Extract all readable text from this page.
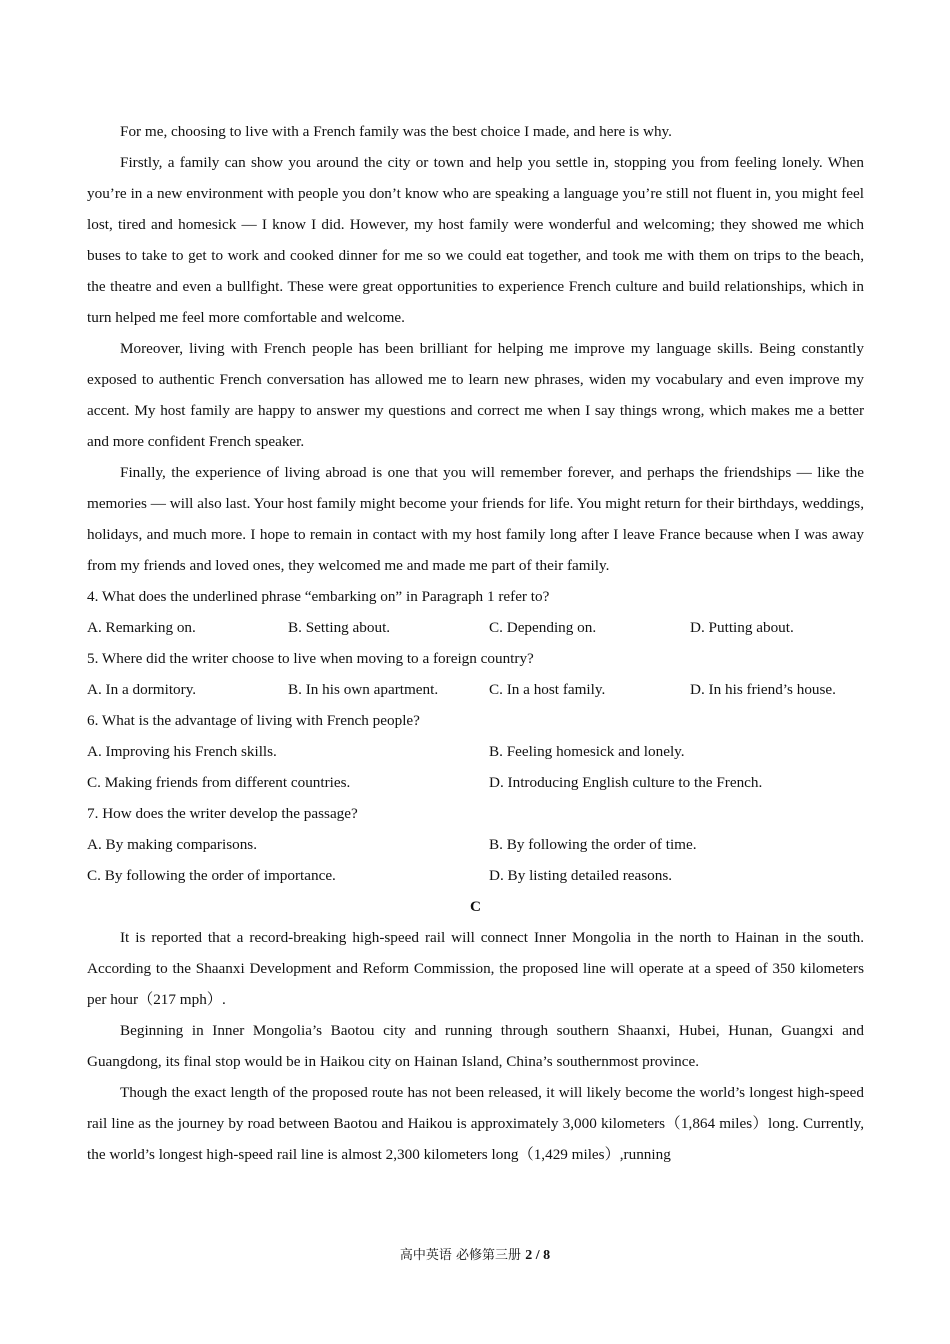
For me, choosing to live with a French family was the best choice I made, and here is why.

Firstly, a family can show you around the city or town and help you settle in, stopping you from feeling lonely. When you’re in a new environment with people you don’t know who are speaking a language you’re still not fluent in, you might feel lost, tired and homesick — I know I did. However, my host family were wonderful and welcoming; they showed me which buses to take to get to work and cooked dinner for me so we could eat together, and took me with them on trips to the beach, the theatre and even a bullfight. These were great opportunities to experience French culture and build relationships, which in turn helped me feel more comfortable and welcome.

Moreover, living with French people has been brilliant for helping me improve my language skills. Being constantly exposed to authentic French conversation has allowed me to learn new phrases, widen my vocabulary and even improve my accent. My host family are happy to answer my questions and correct me when I say things wrong, which makes me a better and more confident French speaker.

Finally, the experience of living abroad is one that you will remember forever, and perhaps the friendships — like the memories — will also last. Your host family might become your friends for life. You might return for their birthdays, weddings, holidays, and much more. I hope to remain in contact with my host family long after I leave France because when I was away from my friends and loved ones, they welcomed me and made me part of their family.

4. What does the underlined phrase “embarking on” in Paragraph 1 refer to?

A. Remarking on.	B. Setting about.	C. Depending on.	D. Putting about.

5. Where did the writer choose to live when moving to a foreign country?

A. In a dormitory.	B. In his own apartment.	C. In a host family.	D. In his friend’s house.

6. What is the advantage of living with French people?

A. Improving his French skills.	B. Feeling homesick and lonely.
C. Making friends from different countries.	D. Introducing English culture to the French.

7. How does the writer develop the passage?

A. By making comparisons.	B. By following the order of time.
C. By following the order of importance.	D. By listing detailed reasons.

C

It is reported that a record-breaking high-speed rail will connect Inner Mongolia in the north to Hainan in the south. According to the Shaanxi Development and Reform Commission, the proposed line will operate at a speed of 350 kilometers per hour（217 mph）.

Beginning in Inner Mongolia’s Baotou city and running through southern Shaanxi, Hubei, Hunan, Guangxi and Guangdong, its final stop would be in Haikou city on Hainan Island, China’s southernmost province.

Though the exact length of the proposed route has not been released, it will likely become the world’s longest high-speed rail line as the journey by road between Baotou and Haikou is approximately 3,000 kilometers（1,864 miles）long. Currently, the world’s longest high-speed rail line is almost 2,300 kilometers long（1,429 miles）,running

高中英语 必修第三册 2 / 8
